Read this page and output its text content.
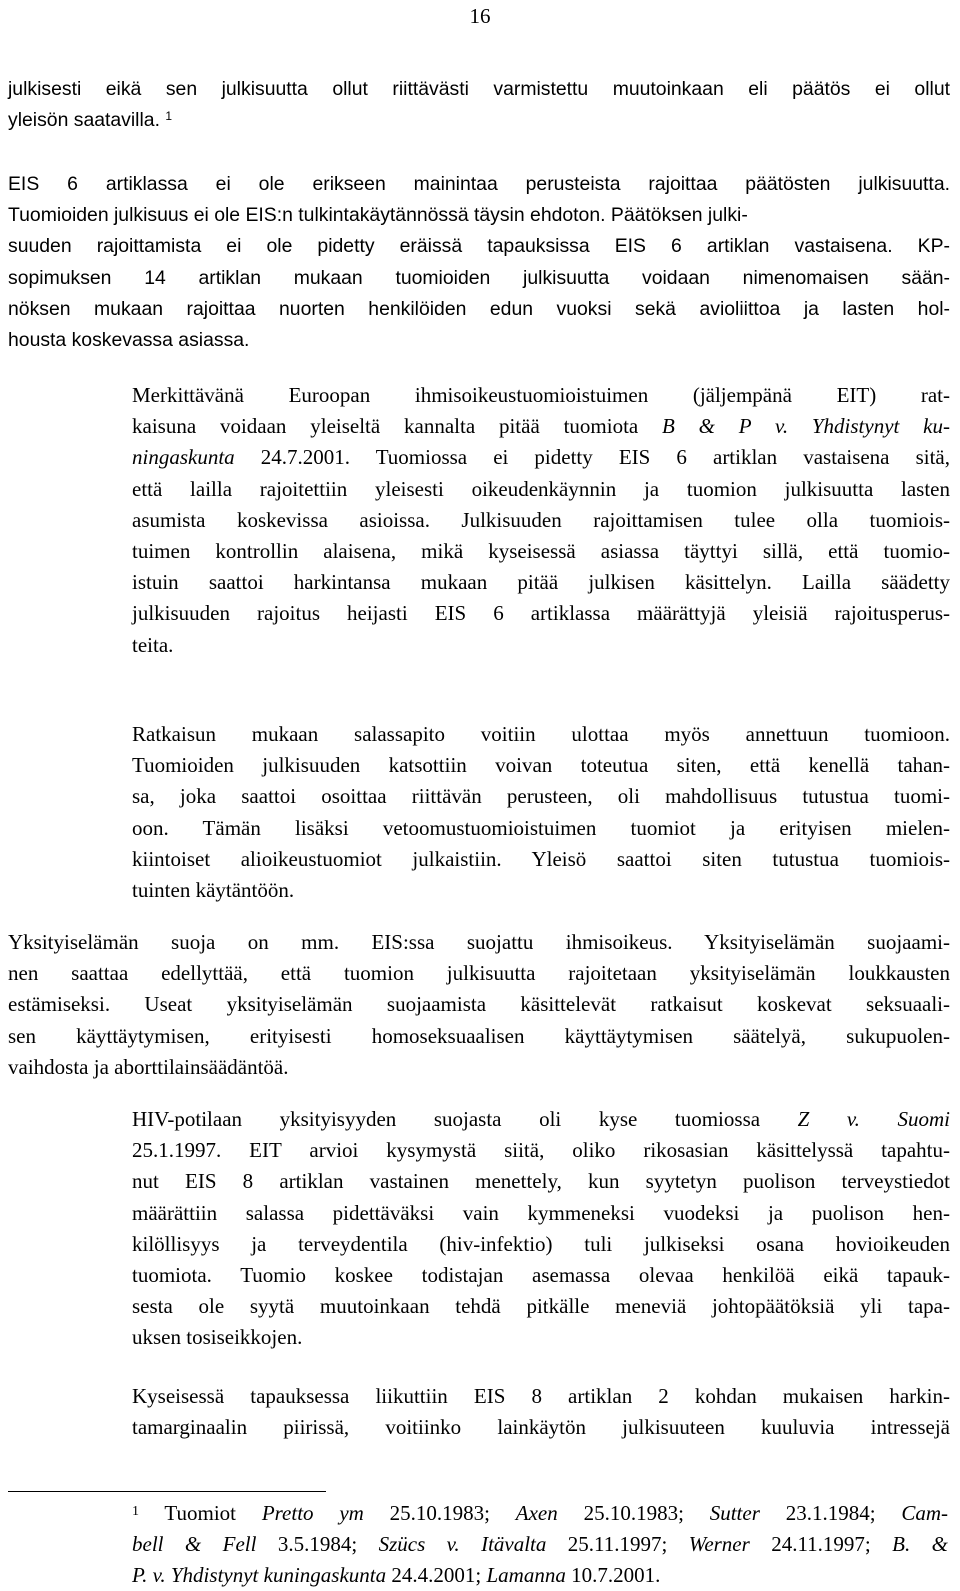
16
julkisesti eikä sen julkisuutta ollut riittävästi varmistettu muutoinkaan eli päätös ei ollut
yleisön saatavilla. $^1$
EIS 6 artiklassa ei ole erikseen mainintaa perusteista rajoittaa päätösten julkisuutta.
Tuomioiden julkisuus ei ole EIS:n tulkintakäytännössä täysin ehdoton. Päätöksen julki-
suuden rajoittamista ei ole pidetty eräissä tapauksissa EIS 6 artiklan vastaisena. KP-
sopimuksen 14 artiklan mukaan tuomioiden julkisuutta voidaan nimenomaisen sään-
nöksen mukaan rajoittaa nuorten henkilöiden edun vuoksi sekä avioliittoa ja lasten hol-
housta koskevassa asiassa.
Merkittävänä Euroopan ihmisoikeustuomioistuimen (jäljempänä EIT) rat-
kaisuna voidaan yleiseltä kannalta pitää tuomiota B & P v. Yhdistynyt ku-
ningaskunta 24.7.2001. Tuomiossa ei pidetty EIS 6 artiklan vastaisena sitä,
että lailla rajoitettiin yleisesti oikeudenkäynnin ja tuomion julkisuutta lasten
asumista koskevissa asioissa. Julkisuuden rajoittamisen tulee olla tuomiois-
tuimen kontrollin alaisena, mikä kyseisessä asiassa täyttyi sillä, että tuomio-
istuin saattoi harkintansa mukaan pitää julkisen käsittelyn. Lailla säädetty
julkisuuden rajoitus heijasti EIS 6 artiklassa määrättyjä yleisiä rajoitusperus-
teita.
Ratkaisun mukaan salassapito voitiin ulottaa myös annettuun tuomioon.
Tuomioiden julkisuuden katsottiin voivan toteutua siten, että kenellä tahan-
sa, joka saattoi osoittaa riittävän perusteen, oli mahdollisuus tutustua tuomi-
oon. Tämän lisäksi vetoomustuomioistuimen tuomiot ja erityisen mielen-
kiintoiset alioikeustuomiot julkaistiin. Yleisö saattoi siten tutustua tuomiois-
tuinten käytäntöön.
Yksityiselämän suoja on mm. EIS:ssa suojattu ihmisoikeus. Yksityiselämän suojaami-
nen saattaa edellyttää, että tuomion julkisuutta rajoitetaan yksityiselämän loukkausten
estämiseksi. Useat yksityiselämän suojaamista käsittelevät ratkaisut koskevat seksuaali-
sen käyttäytymisen, erityisesti homoseksuaalisen käyttäytymisen säätelyä, sukupuolen-
vaihdosta ja aborttilainsäädäntöä.
HIV-potilaan yksityisyyden suojasta oli kyse tuomiossa Z v. Suomi
25.1.1997. EIT arvioi kysymystä siitä, oliko rikosasian käsittelyssä tapahtu-
nut EIS 8 artiklan vastainen menettely, kun syytetyn puolison terveystiedot
määrättiin salassa pidettäväksi vain kymmeneksi vuodeksi ja puolison hen-
kilöllisyys ja terveydentila (hiv-infektio) tuli julkiseksi osana hovioikeuden
tuomiota. Tuomio koskee todistajan asemassa olevaa henkilöä eikä tapauk-
sesta ole syytä muutoinkaan tehdä pitkälle meneviä johtopäätöksiä yli tapa-
uksen tosiseikkojen.
Kyseisessä tapauksessa liikuttiin EIS 8 artiklan 2 kohdan mukaisen harkin-
tamarginaalin piirissä, voitiinko lainkäytön julkisuuteen kuuluvia intressejä
$^1$ Tuomiot Pretto ym 25.10.1983; Axen 25.10.1983; Sutter 23.1.1984; Cam-
bell & Fell 3.5.1984; Szücs v. Itävalta 25.11.1997; Werner 24.11.1997; B. &
P. v. Yhdistynyt kuningaskunta 24.4.2001; Lamanna 10.7.2001.
